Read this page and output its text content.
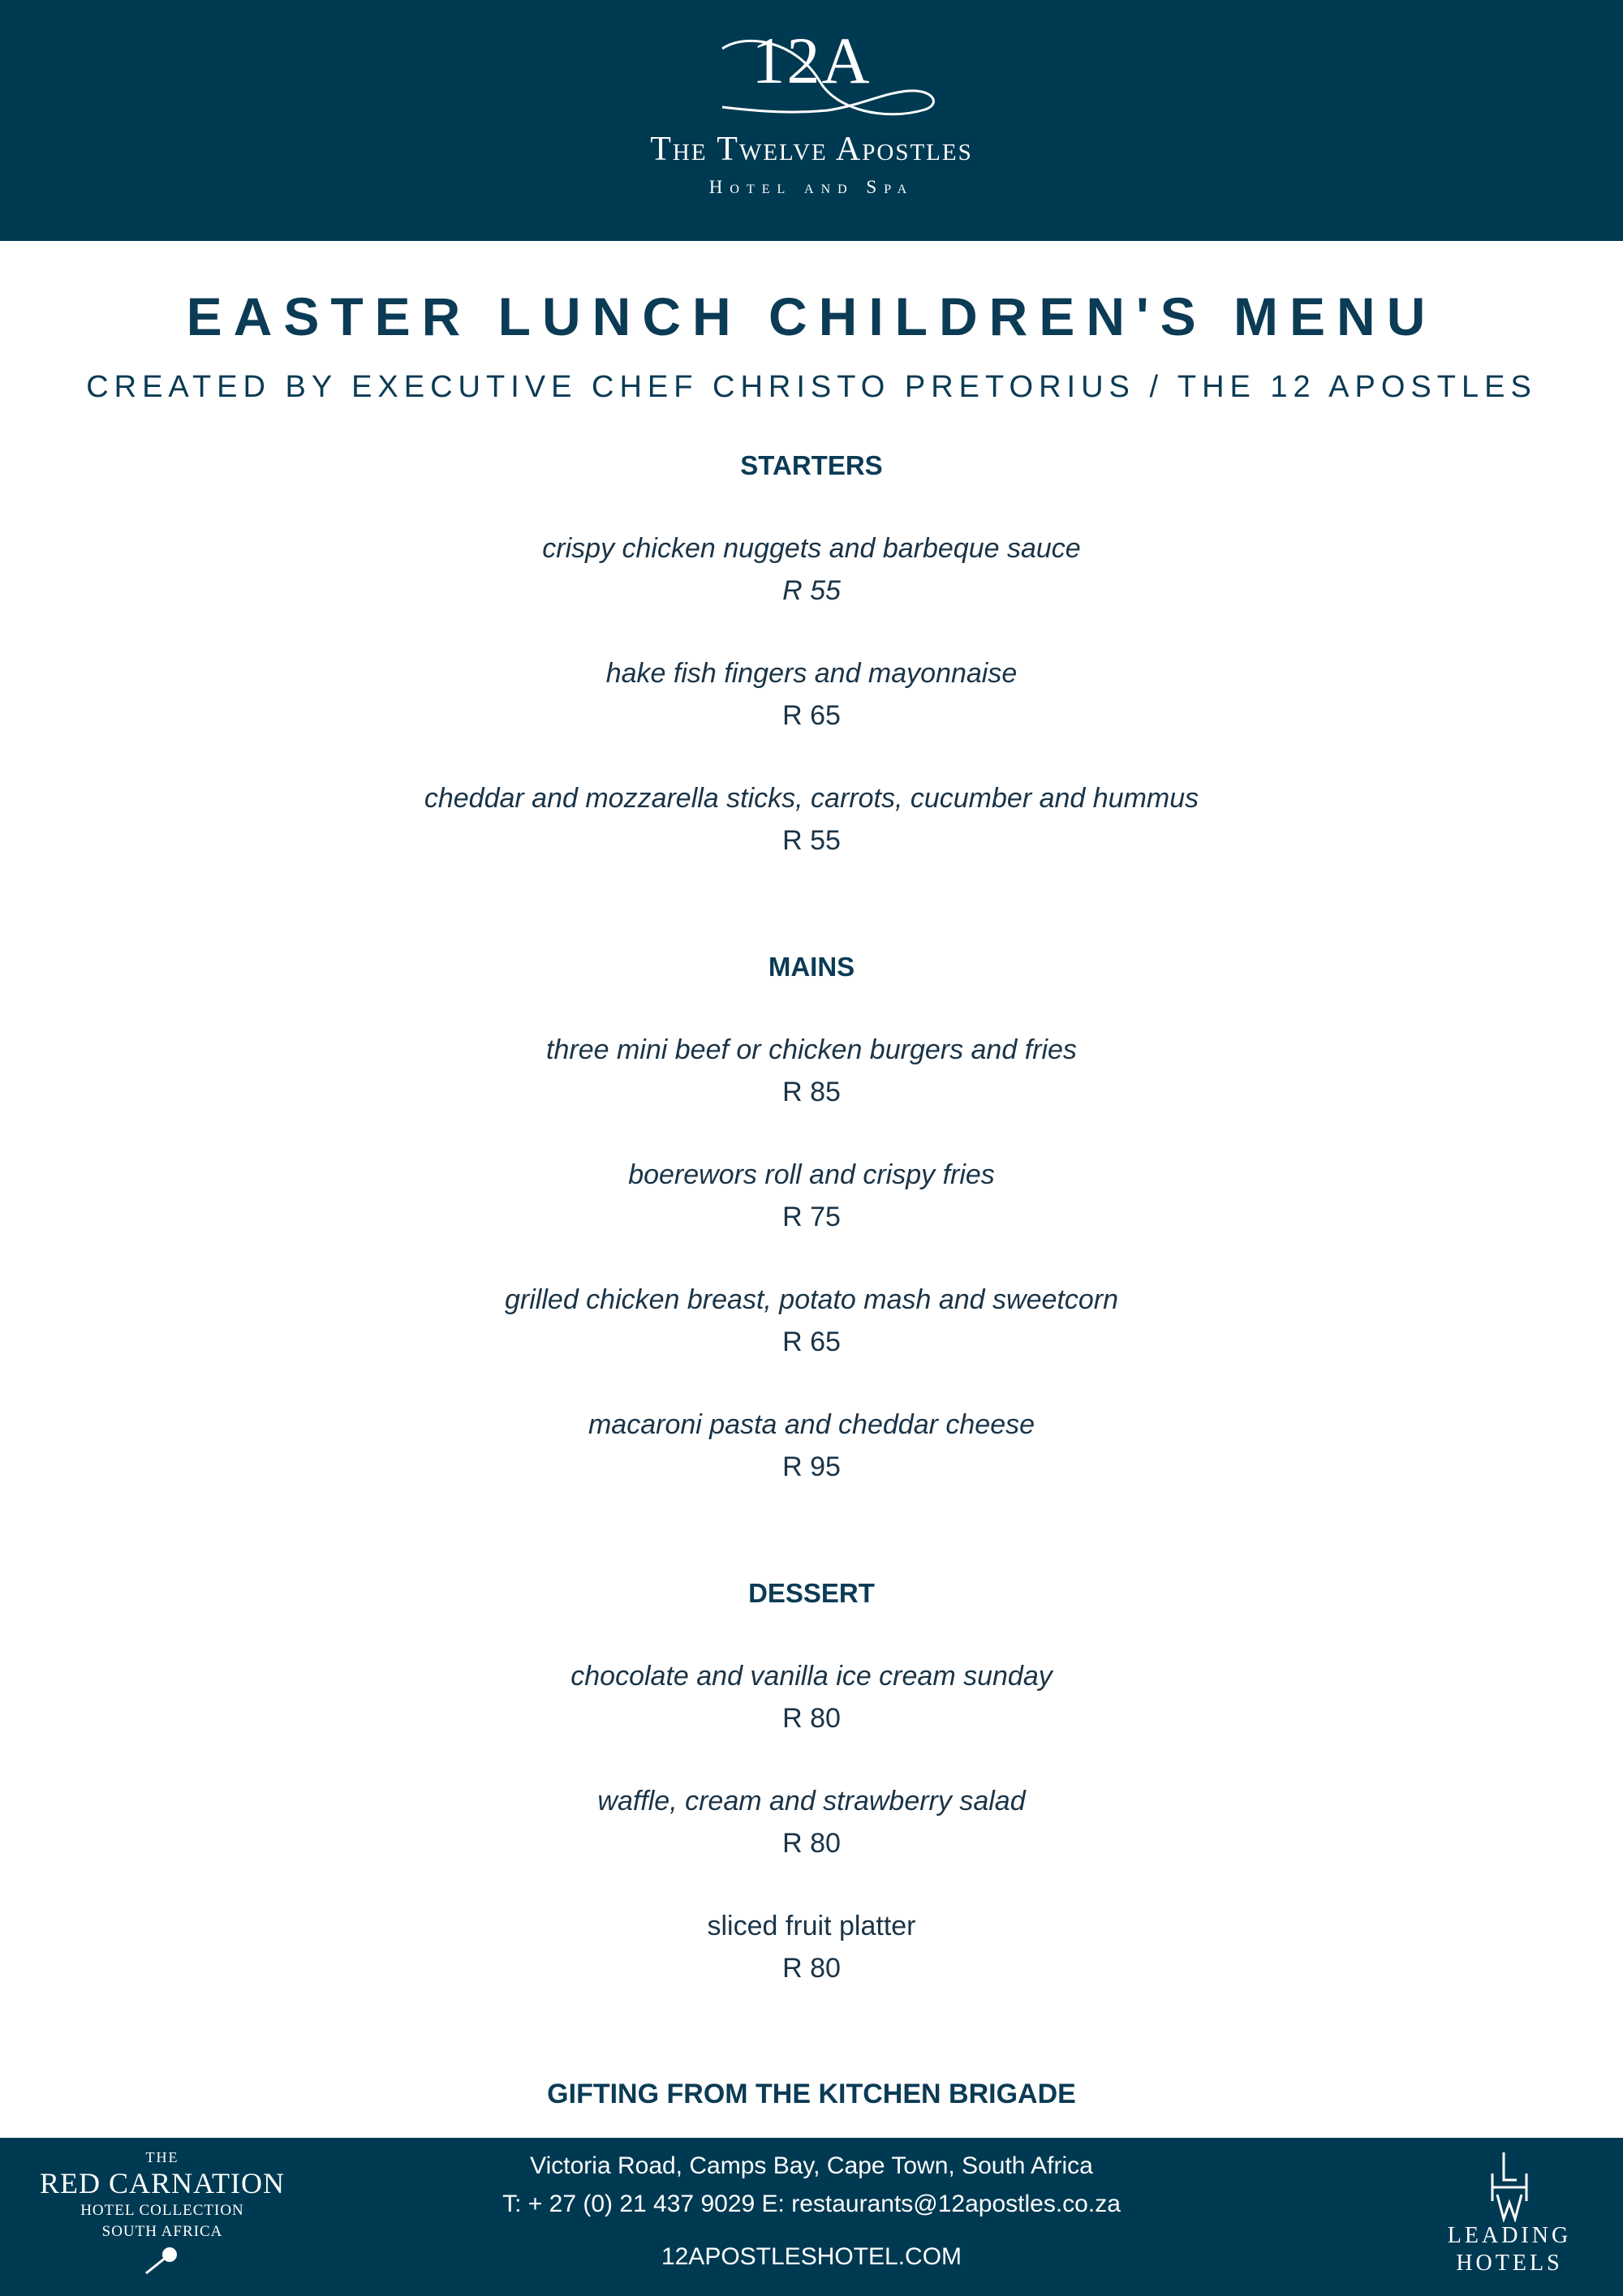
12A
The Twelve Apostles
Hotel and Spa
EASTER LUNCH CHILDREN'S MENU
CREATED BY EXECUTIVE CHEF CHRISTO PRETORIUS / THE 12 APOSTLES
STARTERS
crispy chicken nuggets and barbeque sauce
R 55
hake fish fingers and mayonnaise
R 65
cheddar and mozzarella sticks, carrots, cucumber and hummus
R 55
MAINS
three mini beef or chicken burgers and fries
R 85
boerewors roll and crispy fries
R 75
grilled chicken breast, potato mash and sweetcorn
R 65
macaroni pasta and cheddar cheese
R 95
DESSERT
chocolate and vanilla ice cream sunday
R 80
waffle, cream and strawberry salad
R 80
sliced fruit platter
R 80
GIFTING FROM THE KITCHEN BRIGADE
THE
RED CARNATION
HOTEL COLLECTION
SOUTH AFRICA
Victoria Road, Camps Bay, Cape Town, South Africa
T: + 27 (0) 21 437 9029 E: restaurants@12apostles.co.za
12APOSTLESHOTEL.COM
LEADING
HOTELS
